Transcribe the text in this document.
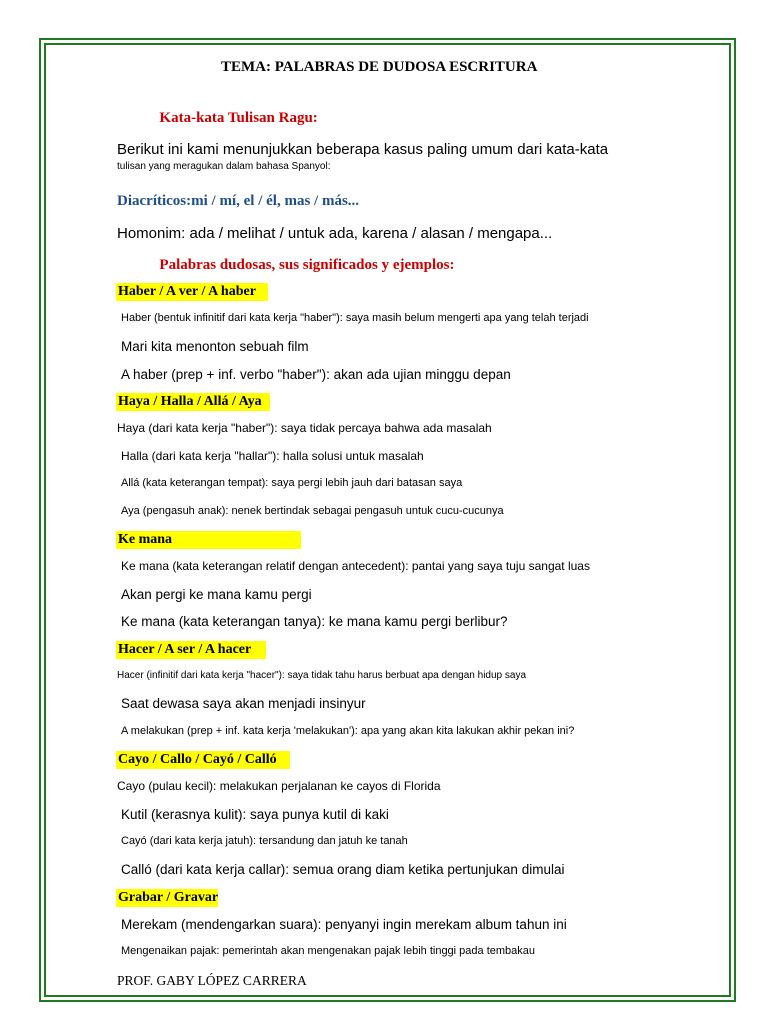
TEMA: PALABRAS DE DUDOSA ESCRITURA
Kata-kata Tulisan Ragu:
Berikut ini kami menunjukkan beberapa kasus paling umum dari kata-kata
tulisan yang meragukan dalam bahasa Spanyol:
Diacríticos:mi / mí, el / él, mas / más...
Homonim: ada / melihat / untuk ada, karena / alasan / mengapa...
Palabras dudosas, sus significados y ejemplos:
Haber / A ver / A haber
Haber (bentuk infinitif dari kata kerja "haber"): saya masih belum mengerti apa yang telah terjadi
Mari kita menonton sebuah film
A haber (prep + inf. verbo "haber"): akan ada ujian minggu depan
Haya / Halla / Allá / Aya
Haya (dari kata kerja "haber"): saya tidak percaya bahwa ada masalah
Halla (dari kata kerja "hallar"): halla solusi untuk masalah
Allá (kata keterangan tempat): saya pergi lebih jauh dari batasan saya
Aya (pengasuh anak): nenek bertindak sebagai pengasuh untuk cucu-cucunya
Ke mana
Ke mana (kata keterangan relatif dengan antecedent): pantai yang saya tuju sangat luas
Akan pergi ke mana kamu pergi
Ke mana (kata keterangan tanya): ke mana kamu pergi berlibur?
Hacer / A ser / A hacer
Hacer (infinitif dari kata kerja "hacer"): saya tidak tahu harus berbuat apa dengan hidup saya
Saat dewasa saya akan menjadi insinyur
A melakukan (prep + inf. kata kerja 'melakukan'): apa yang akan kita lakukan akhir pekan ini?
Cayo / Callo / Cayó / Calló
Cayo (pulau kecil): melakukan perjalanan ke cayos di Florida
Kutil (kerasnya kulit): saya punya kutil di kaki
Cayó (dari kata kerja jatuh): tersandung dan jatuh ke tanah
Calló (dari kata kerja callar): semua orang diam ketika pertunjukan dimulai
Grabar / Gravar
Merekam (mendengarkan suara): penyanyi ingin merekam album tahun ini
Mengenaikan pajak: pemerintah akan mengenakan pajak lebih tinggi pada tembakau
PROF. GABY LÓPEZ CARRERA
